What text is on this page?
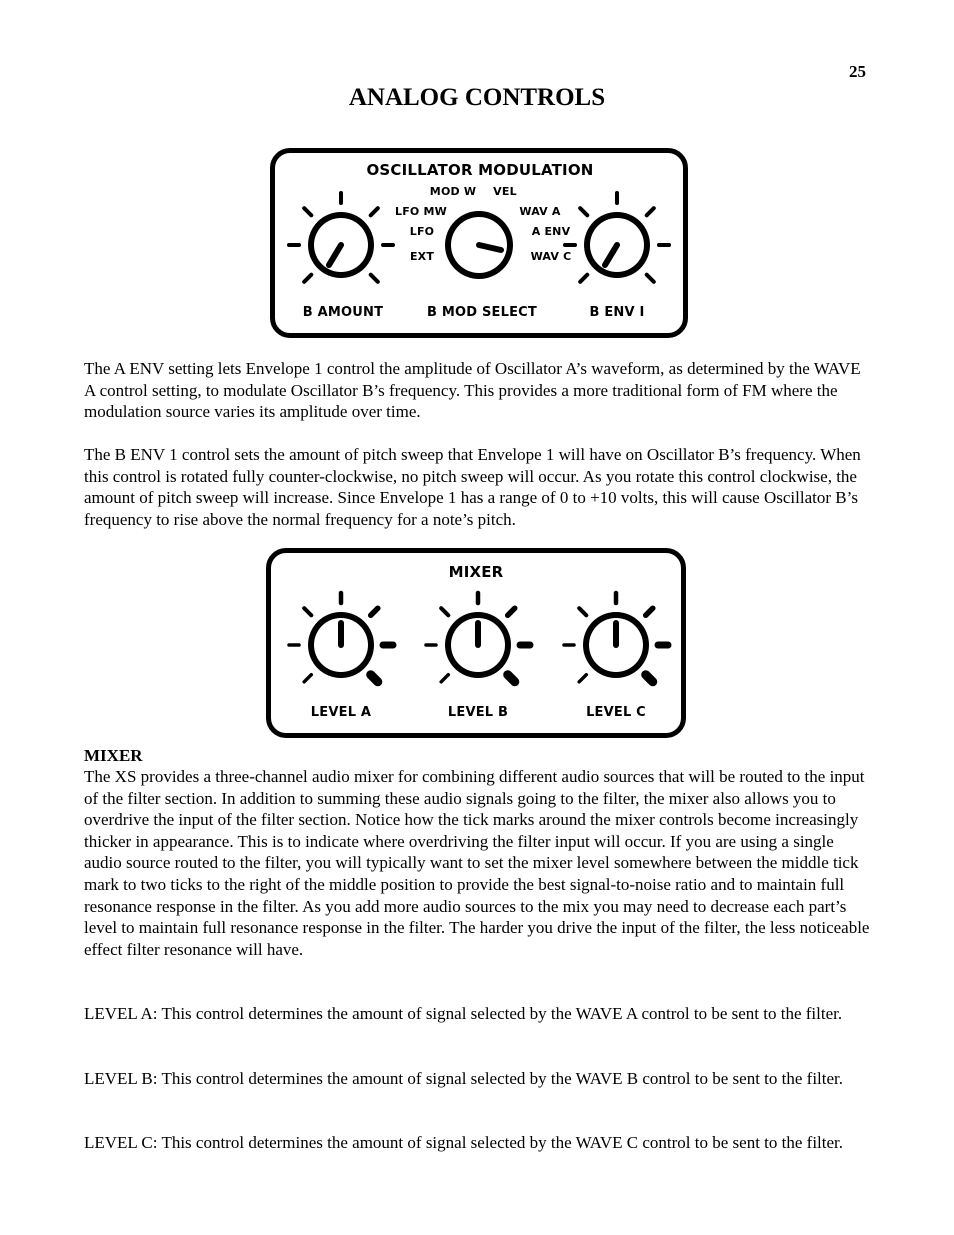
25
ANALOG CONTROLS
OSCILLATOR MODULATION
MOD W VEL
LFO MW	WAV A
LFO	A ENV
EXT	WAV C
B AMOUNT	B MOD SELECT	B ENV I

The A ENV setting lets Envelope 1 control the amplitude of Oscillator A’s waveform, as determined by the WAVE A control setting, to modulate Oscillator B’s frequency. This provides a more traditional form of FM where the modulation source varies its amplitude over time.

The B ENV 1 control sets the amount of pitch sweep that Envelope 1 will have on Oscillator B’s frequency. When this control is rotated fully counter-clockwise, no pitch sweep will occur. As you rotate this control clockwise, the amount of pitch sweep will increase. Since Envelope 1 has a range of 0 to +10 volts, this will cause Oscillator B’s frequency to rise above the normal frequency for a note’s pitch.

MIXER
LEVEL A	LEVEL B	LEVEL C
MIXER

The XS provides a three-channel audio mixer for combining different audio sources that will be routed to the input of the filter section. In addition to summing these audio signals going to the filter, the mixer also allows you to overdrive the input of the filter section. Notice how the tick marks around the mixer controls become increasingly thicker in appearance. This is to indicate where overdriving the filter input will occur. If you are using a single audio source routed to the filter, you will typically want to set the mixer level somewhere between the middle tick mark to two ticks to the right of the middle position to provide the best signal-to-noise ratio and to maintain full resonance response in the filter. As you add more audio sources to the mix you may need to decrease each part’s level to maintain full resonance response in the filter. The harder you drive the input of the filter, the less noticeable effect filter resonance will have.

LEVEL A: This control determines the amount of signal selected by the WAVE A control to be sent to the filter.

LEVEL B: This control determines the amount of signal selected by the WAVE B control to be sent to the filter.

LEVEL C: This control determines the amount of signal selected by the WAVE C control to be sent to the filter.
